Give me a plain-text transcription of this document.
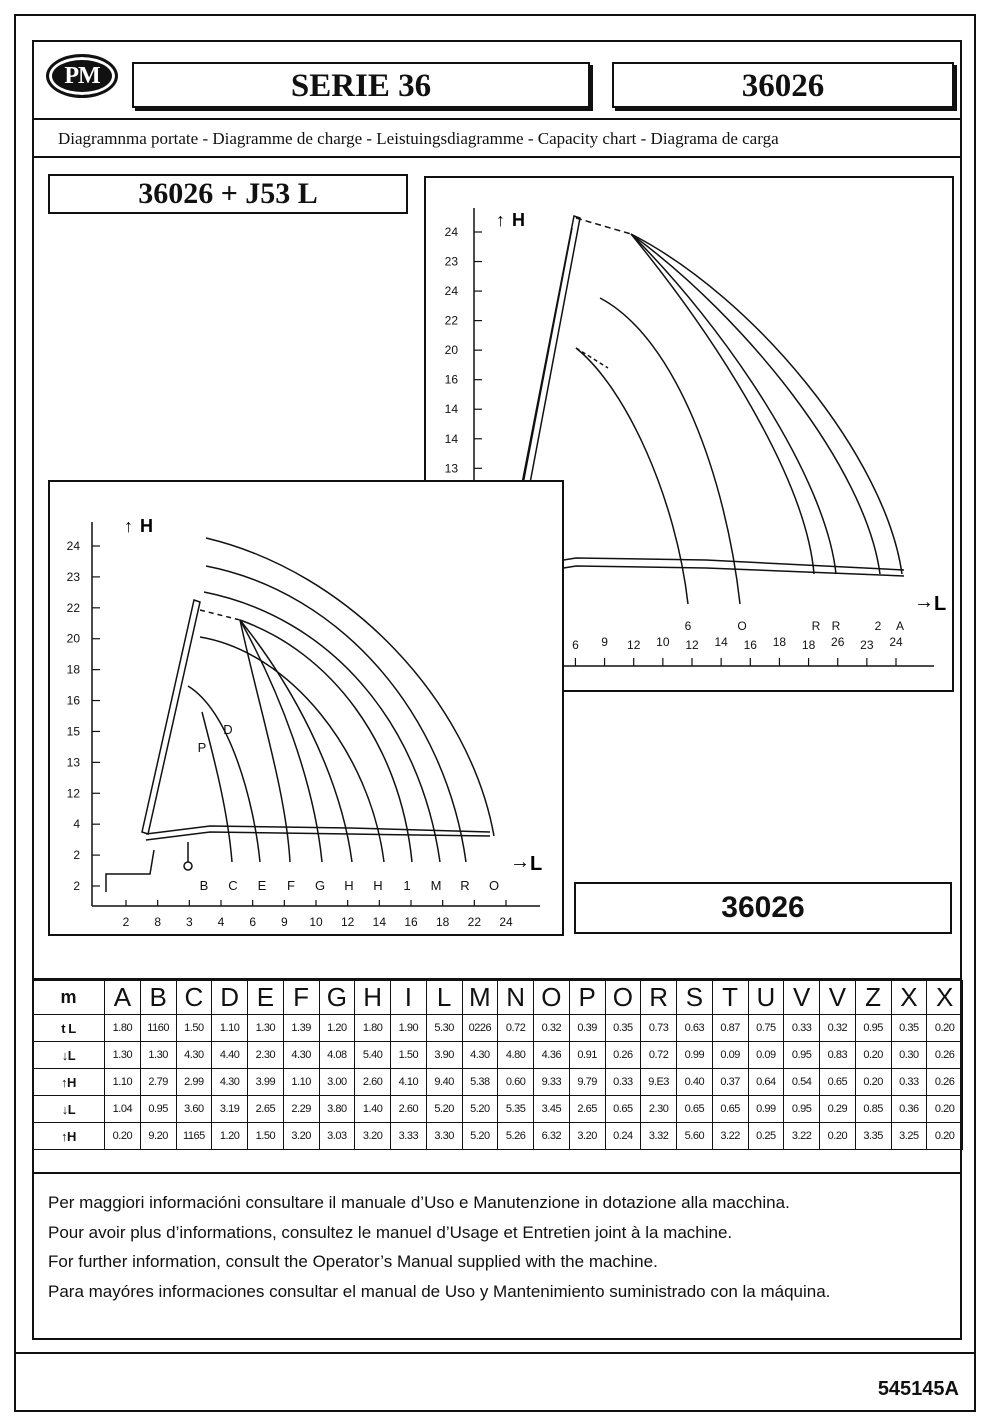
PM	SERIE 36	36026
Diagramnma portate - Diagramme de charge - Leistuingsdiagramme - Capacity chart - Diagrama de carga
36026 + J53 L
24
23
24
22
20
16
14
14
13
6 9 12 10 12 14 16 18 18 26 23 24
6	O	R R	2 A
↑ H
→ L
24
23
22
20
18
16
15
13
12
4
2
2
2 8 3 4 6 9 10 12 14 16 18 22 24
B C E F G H H 1 M R O
P
D
↑ H
→ L
36026
m	A	B	C	D	E	F	G	H	I	L	M	N	O	P	O	R	S	T	U	V	V	Z	X	X
t L	1.80	1160	1.50	1.10	1.30	1.39	1.20	1.80	1.90	5.30	0226	0.72	0.32	0.39	0.35	0.73	0.63	0.87	0.75	0.33	0.32	0.95	0.35	0.20
↓L	1.30	1.30	4.30	4.40	2.30	4.30	4.08	5.40	1.50	3.90	4.30	4.80	4.36	0.91	0.26	0.72	0.99	0.09	0.09	0.95	0.83	0.20	0.30	0.26
↑H	1.10	2.79	2.99	4.30	3.99	1.10	3.00	2.60	4.10	9.40	5.38	0.60	9.33	9.79	0.33	9.E3	0.40	0.37	0.64	0.54	0.65	0.20	0.33	0.26
↓L	1.04	0.95	3.60	3.19	2.65	2.29	3.80	1.40	2.60	5.20	5.20	5.35	3.45	2.65	0.65	2.30	0.65	0.65	0.99	0.95	0.29	0.85	0.36	0.20
↑H	0.20	9.20	1165	1.20	1.50	3.20	3.03	3.20	3.33	3.30	5.20	5.26	6.32	3.20	0.24	3.32	5.60	3.22	0.25	3.22	0.20	3.35	3.25	0.20

Per maggiori informacióni consultare il manuale d’Uso e Manutenzione in dotazione alla macchina.

Pour avoir plus d’informations, consultez le manuel d’Usage et Entretien joint à la machine.

For further information, consult the Operator’s Manual supplied with the machine.

Para mayóres informaciones consultar el manual de Uso y Mantenimiento suministrado con la máquina.

545145A
